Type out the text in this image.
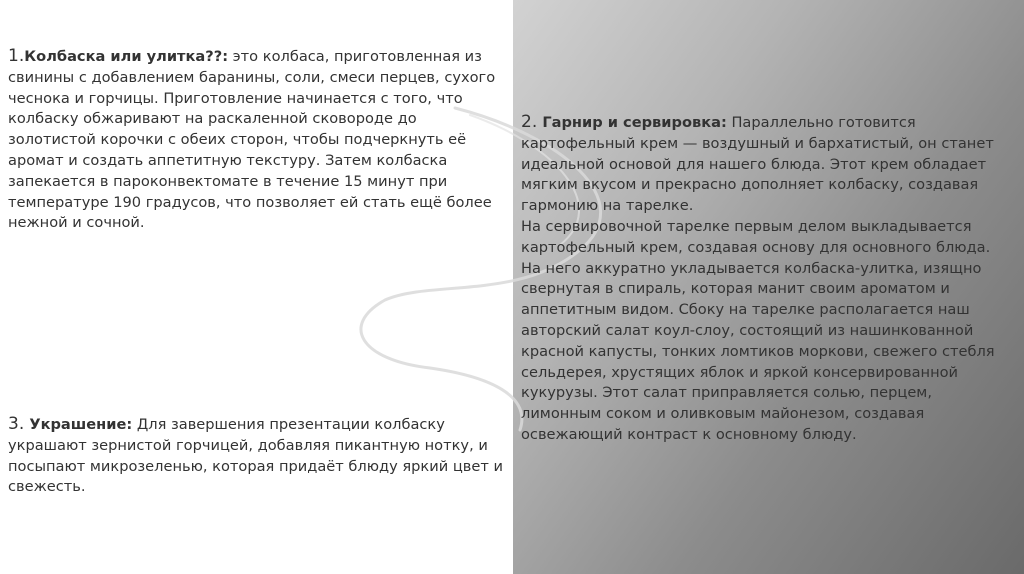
1.Колбаска или улитка??: это колбаса, приготовленная из свинины с добавлением баранины, соли, смеси перцев, сухого чеснока и горчицы. Приготовление начинается с того, что колбаску обжаривают на раскаленной сковороде до золотистой корочки с обеих сторон, чтобы подчеркнуть её аромат и создать аппетитную текстуру. Затем колбаска запекается в пароконвектомате в течение 15 минут при температуре 190 градусов, что позволяет ей стать ещё более нежной и сочной.

2. Гарнир и сервировка: Параллельно готовится картофельный крем — воздушный и бархатистый, он станет идеальной основой для нашего блюда. Этот крем обладает мягким вкусом и прекрасно дополняет колбаску, создавая гармонию на тарелке.

На сервировочной тарелке первым делом выкладывается картофельный крем, создавая основу для основного блюда. На него аккуратно укладывается колбаска-улитка, изящно свернутая в спираль, которая манит своим ароматом и аппетитным видом. Сбоку на тарелке располагается наш авторский салат коул-слоу, состоящий из нашинкованной красной капусты, тонких ломтиков моркови, свежего стебля сельдерея, хрустящих яблок и яркой консервированной кукурузы. Этот салат приправляется солью, перцем, лимонным соком и оливковым майонезом, создавая освежающий контраст к основному блюду.

3. Украшение: Для завершения презентации колбаску украшают зернистой горчицей, добавляя пикантную нотку, и посыпают микрозеленью, которая придаёт блюду яркий цвет и свежесть.
